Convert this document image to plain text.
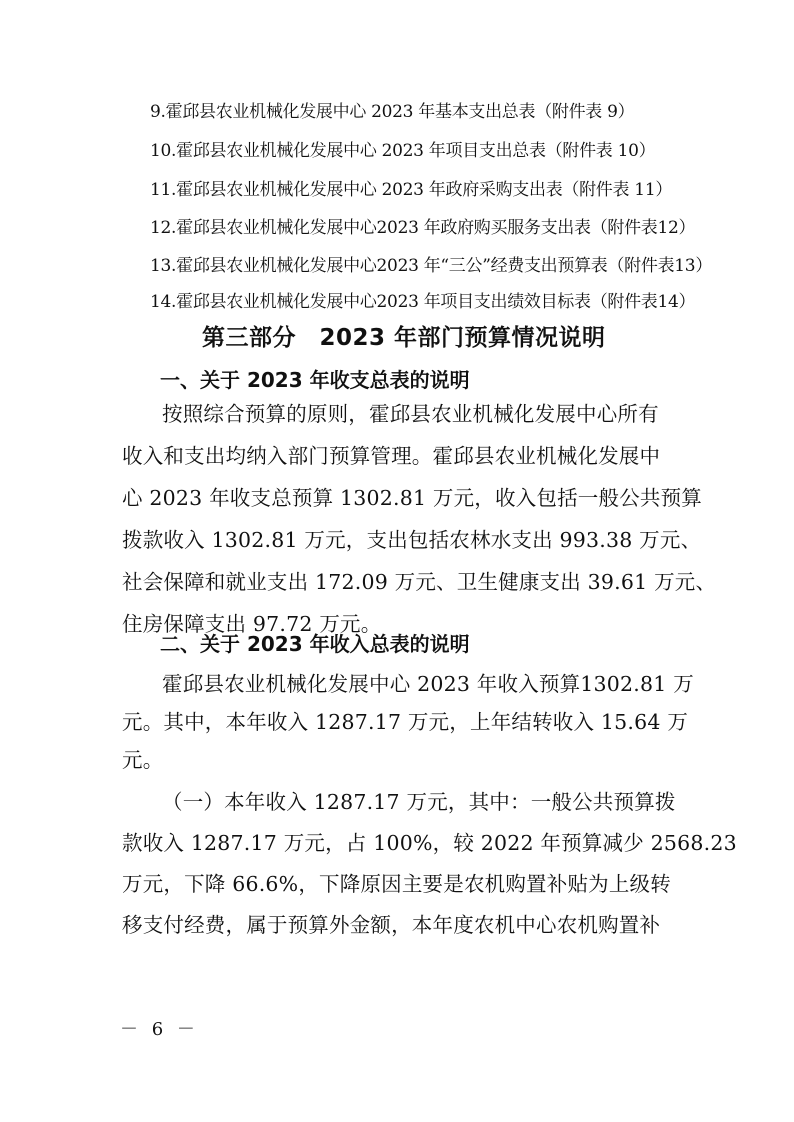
9.霍邱县农业机械化发展中心 2023 年基本支出总表（附件表 9）

10.霍邱县农业机械化发展中心 2023 年项目支出总表（附件表 10）

11.霍邱县农业机械化发展中心 2023 年政府采购支出表（附件表 11）

12.霍邱县农业机械化发展中心2023 年政府购买服务支出表（附件表12）

13.霍邱县农业机械化发展中心2023 年“三公”经费支出预算表（附件表13）

14.霍邱县农业机械化发展中心2023 年项目支出绩效目标表（附件表14）

第三部分　2023 年部门预算情况说明
一、关于 2023 年收支总表的说明

按照综合预算的原则，霍邱县农业机械化发展中心所有

收入和支出均纳入部门预算管理。霍邱县农业机械化发展中

心 2023 年收支总预算 1302.81 万元，收入包括一般公共预算

拨款收入 1302.81 万元，支出包括农林水支出 993.38 万元、

社会保障和就业支出 172.09 万元、卫生健康支出 39.61 万元、

住房保障支出 97.72 万元。

二、关于 2023 年收入总表的说明

霍邱县农业机械化发展中心 2023 年收入预算1302.81 万

元。其中，本年收入 1287.17 万元，上年结转收入 15.64 万

元。

（一）本年收入 1287.17 万元，其中：一般公共预算拨

款收入 1287.17 万元，占 100%，较 2022 年预算减少 2568.23

万元，下降 66.6%，下降原因主要是农机购置补贴为上级转

移支付经费，属于预算外金额，本年度农机中心农机购置补

－ 6 －
